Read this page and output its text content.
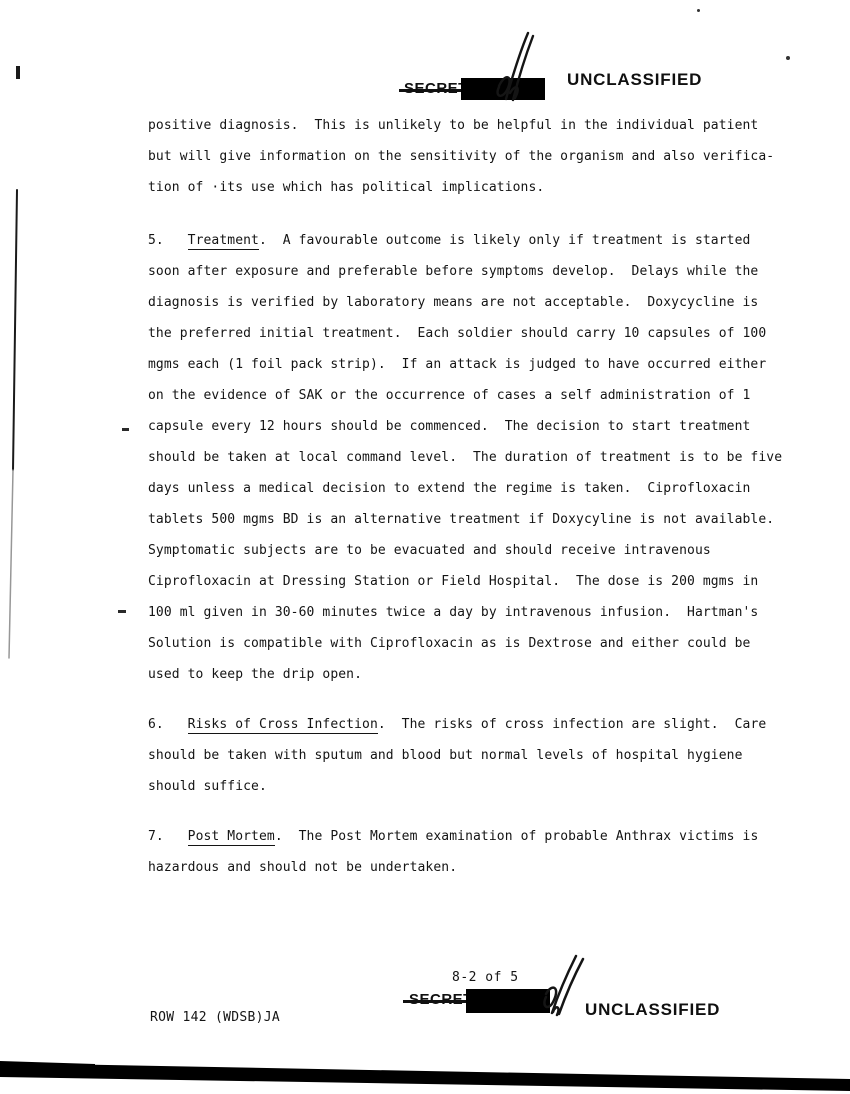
UNCLASSIFIED
positive diagnosis.  This is unlikely to be helpful in the individual patient
but will give information on the sensitivity of the organism and also verifica-
tion of ·its use which has political implications.
5.   Treatment.  A favourable outcome is likely only if treatment is started
soon after exposure and preferable before symptoms develop.  Delays while the
diagnosis is verified by laboratory means are not acceptable.  Doxycycline is
the preferred initial treatment.  Each soldier should carry 10 capsules of 100
mgms each (1 foil pack strip).  If an attack is judged to have occurred either
on the evidence of SAK or the occurrence of cases a self administration of 1
capsule every 12 hours should be commenced.  The decision to start treatment
should be taken at local command level.  The duration of treatment is to be five
days unless a medical decision to extend the regime is taken.  Ciprofloxacin
tablets 500 mgms BD is an alternative treatment if Doxycyline is not available.
Symptomatic subjects are to be evacuated and should receive intravenous
Ciprofloxacin at Dressing Station or Field Hospital.  The dose is 200 mgms in
100 ml given in 30-60 minutes twice a day by intravenous infusion.  Hartman's
Solution is compatible with Ciprofloxacin as is Dextrose and either could be
used to keep the drip open.
6.   Risks of Cross Infection.  The risks of cross infection are slight.  Care
should be taken with sputum and blood but normal levels of hospital hygiene
should suffice.
7.   Post Mortem.  The Post Mortem examination of probable Anthrax victims is
hazardous and should not be undertaken.
8-2 of 5
UNCLASSIFIED
ROW 142 (WDSB)JA
